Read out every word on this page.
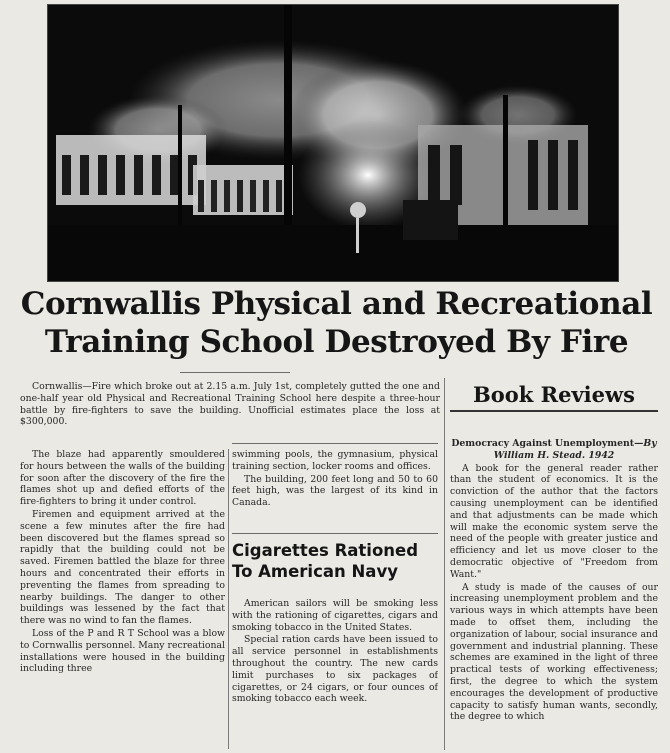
Cornwallis Physical and Recreational Training School Destroyed By Fire

Cornwallis—Fire which broke out at 2.15 a.m. July 1st, completely gutted the one and one-half year old Physical and Recreational Training School here despite a three-hour battle by fire-fighters to save the building. Unofficial estimates place the loss at $300,000.

The blaze had apparently smouldered for hours between the walls of the building for soon after the discovery of the fire the flames shot up and defied efforts of the fire-fighters to bring it under control.

Firemen and equipment arrived at the scene a few minutes after the fire had been discovered but the flames spread so rapidly that the building could not be saved. Firemen battled the blaze for three hours and concentrated their efforts in preventing the flames from spreading to nearby buildings. The danger to other buildings was lessened by the fact that there was no wind to fan the flames.

Loss of the P and R T School was a blow to Cornwallis personnel. Many recreational installations were housed in the building including three

swimming pools, the gymnasium, physical training section, locker rooms and offices.

The building, 200 feet long and 50 to 60 feet high, was the largest of its kind in Canada.

Cigarettes Rationed To American Navy

American sailors will be smoking less with the rationing of cigarettes, cigars and smoking tobacco in the United States.

Special ration cards have been issued to all service personnel in establishments throughout the country. The new cards limit purchases to six packages of cigarettes, or 24 cigars, or four ounces of smoking tobacco each week.

Book Reviews

Democracy Against Unemployment—By William H. Stead. 1942

A book for the general reader rather than the student of economics. It is the conviction of the author that the factors causing unemployment can be identified and that adjustments can be made which will make the economic system serve the need of the people with greater justice and efficiency and let us move closer to the democratic objective of "Freedom from Want."

A study is made of the causes of our increasing unemployment problem and the various ways in which attempts have been made to offset them, including the organization of labour, social insurance and government and industrial planning. These schemes are examined in the light of three practical tests of working effectiveness; first, the degree to which the system encourages the development of productive capacity to satisfy human wants, secondly, the degree to which
